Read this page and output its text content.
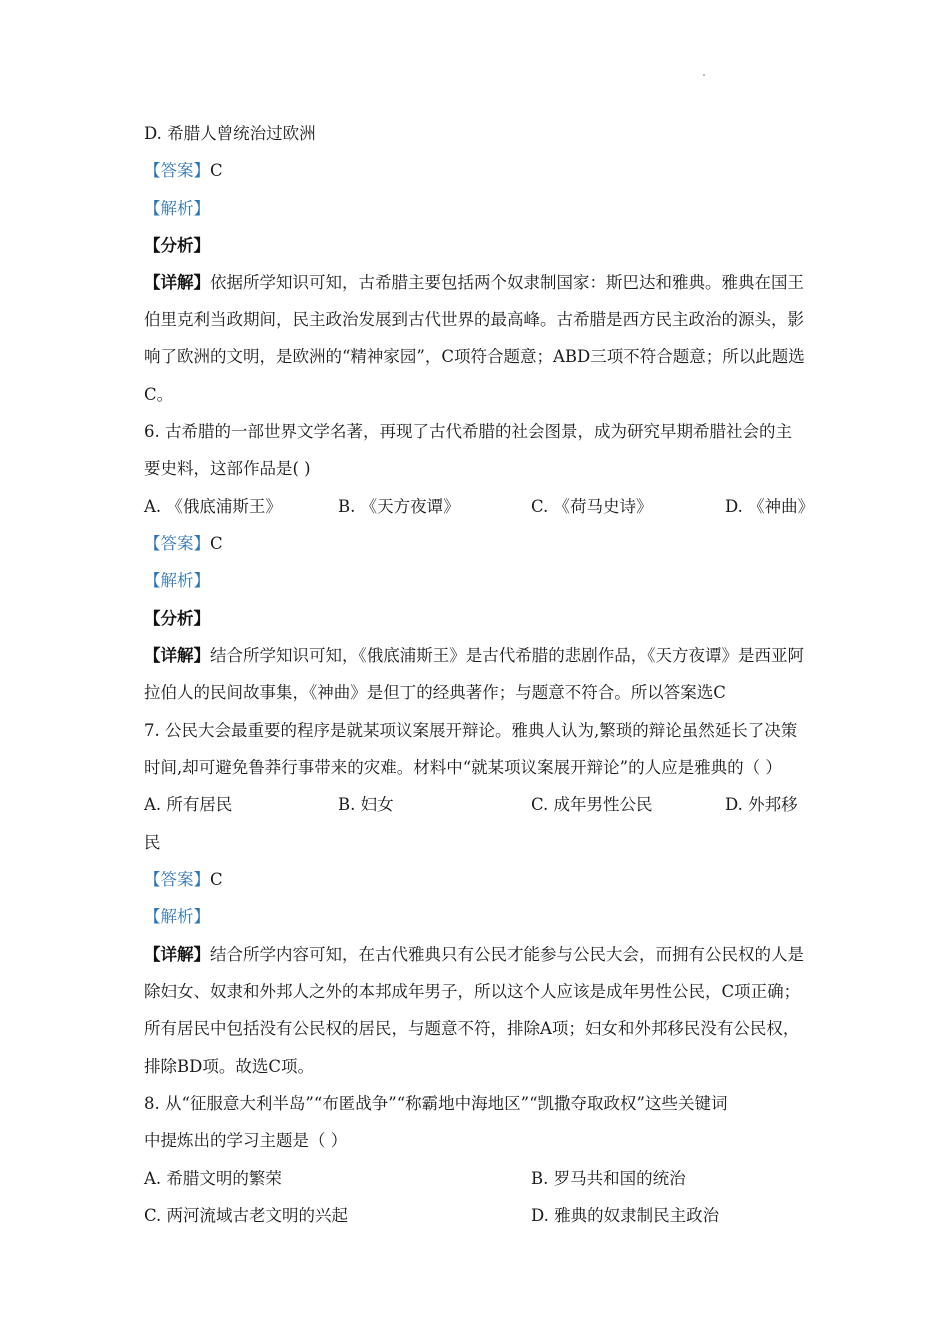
D. 希腊人曾统治过欧洲
【答案】C
【解析】
【分析】
【详解】依据所学知识可知，古希腊主要包括两个奴隶制国家：斯巴达和雅典。雅典在国王
伯里克利当政期间，民主政治发展到古代世界的最高峰。古希腊是西方民主政治的源头，影
响了欧洲的文明，是欧洲的“精神家园”，C项符合题意；ABD三项不符合题意；所以此题选
C。
6. 古希腊的一部世界文学名著，再现了古代希腊的社会图景，成为研究早期希腊社会的主
要史料，这部作品是( )
A. 《俄底浦斯王》	B. 《天方夜谭》	C. 《荷马史诗》	D. 《神曲》
【答案】C
【解析】
【分析】
【详解】结合所学知识可知，《俄底浦斯王》是古代希腊的悲剧作品，《天方夜谭》是西亚阿
拉伯人的民间故事集，《神曲》是但丁的经典著作；与题意不符合。所以答案选C
7. 公民大会最重要的程序是就某项议案展开辩论。雅典人认为,繁琐的辩论虽然延长了决策
时间,却可避免鲁莽行事带来的灾难。材料中“就某项议案展开辩论”的人应是雅典的（ ）
A. 所有居民	B. 妇女	C. 成年男性公民	D. 外邦移
民
【答案】C
【解析】
【详解】结合所学内容可知，在古代雅典只有公民才能参与公民大会，而拥有公民权的人是
除妇女、奴隶和外邦人之外的本邦成年男子，所以这个人应该是成年男性公民，C项正确；
所有居民中包括没有公民权的居民，与题意不符，排除A项；妇女和外邦移民没有公民权，
排除BD项。故选C项。
8. 从“征服意大利半岛”“布匿战争”“称霸地中海地区”“凯撒夺取政权”这些关键词
中提炼出的学习主题是（ ）
A. 希腊文明的繁荣	B. 罗马共和国的统治
C. 两河流域古老文明的兴起	D. 雅典的奴隶制民主政治
